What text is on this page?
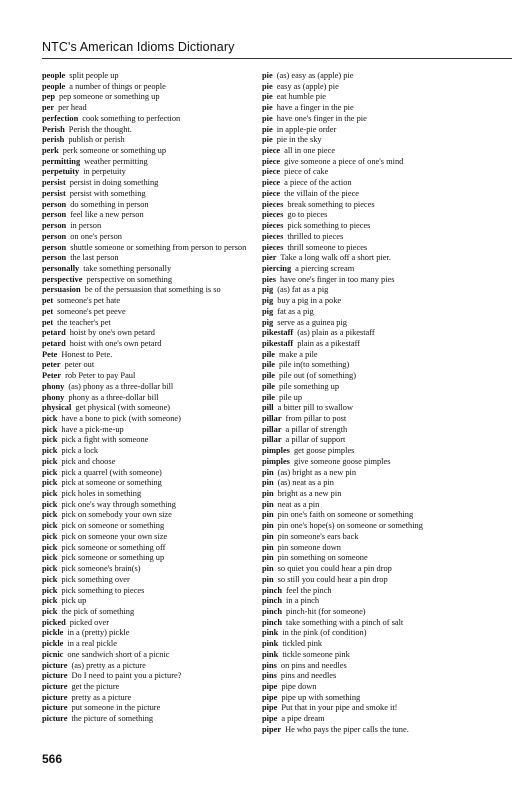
NTC's American Idioms Dictionary
people split people up
people a number of things or people
pep pep someone or something up
per per head
perfection cook something to perfection
Perish Perish the thought.
perish publish or perish
perk perk someone or something up
permitting weather permitting
perpetuity in perpetuity
persist persist in doing something
persist persist with something
person do something in person
person feel like a new person
person in person
person on one's person
person shuttle someone or something from person to person
person the last person
personally take something personally
perspective perspective on something
persuasion be of the persuasion that something is so
pet someone's pet hate
pet someone's pet peeve
pet the teacher's pet
petard hoist by one's own petard
petard hoist with one's own petard
Pete Honest to Pete.
peter peter out
Peter rob Peter to pay Paul
phony (as) phony as a three-dollar bill
phony phony as a three-dollar bill
physical get physical (with someone)
pick have a bone to pick (with someone)
pick have a pick-me-up
pick pick a fight with someone
pick pick a lock
pick pick and choose
pick pick a quarrel (with someone)
pick pick at someone or something
pick pick holes in something
pick pick one's way through something
pick pick on somebody your own size
pick pick on someone or something
pick pick on someone your own size
pick pick someone or something off
pick pick someone or something up
pick pick someone's brain(s)
pick pick something over
pick pick something to pieces
pick pick up
pick the pick of something
picked picked over
pickle in a (pretty) pickle
pickle in a real pickle
picnic one sandwich short of a picnic
picture (as) pretty as a picture
picture Do I need to paint you a picture?
picture get the picture
picture pretty as a picture
picture put someone in the picture
picture the picture of something
pie (as) easy as (apple) pie
pie easy as (apple) pie
pie eat humble pie
pie have a finger in the pie
pie have one's finger in the pie
pie in apple-pie order
pie pie in the sky
piece all in one piece
piece give someone a piece of one's mind
piece piece of cake
piece a piece of the action
piece the villain of the piece
pieces break something to pieces
pieces go to pieces
pieces pick something to pieces
pieces thrilled to pieces
pieces thrill someone to pieces
pier Take a long walk off a short pier.
piercing a piercing scream
pies have one's finger in too many pies
pig (as) fat as a pig
pig buy a pig in a poke
pig fat as a pig
pig serve as a guinea pig
pikestaff (as) plain as a pikestaff
pikestaff plain as a pikestaff
pile make a pile
pile pile in(to something)
pile pile out (of something)
pile pile something up
pile pile up
pill a bitter pill to swallow
pillar from pillar to post
pillar a pillar of strength
pillar a pillar of support
pimples get goose pimples
pimples give someone goose pimples
pin (as) bright as a new pin
pin (as) neat as a pin
pin bright as a new pin
pin neat as a pin
pin pin one's faith on someone or something
pin pin one's hope(s) on someone or something
pin pin someone's ears back
pin pin someone down
pin pin something on someone
pin so quiet you could hear a pin drop
pin so still you could hear a pin drop
pinch feel the pinch
pinch in a pinch
pinch pinch-hit (for someone)
pinch take something with a pinch of salt
pink in the pink (of condition)
pink tickled pink
pink tickle someone pink
pins on pins and needles
pins pins and needles
pipe pipe down
pipe pipe up with something
pipe Put that in your pipe and smoke it!
pipe a pipe dream
piper He who pays the piper calls the tune.
566
